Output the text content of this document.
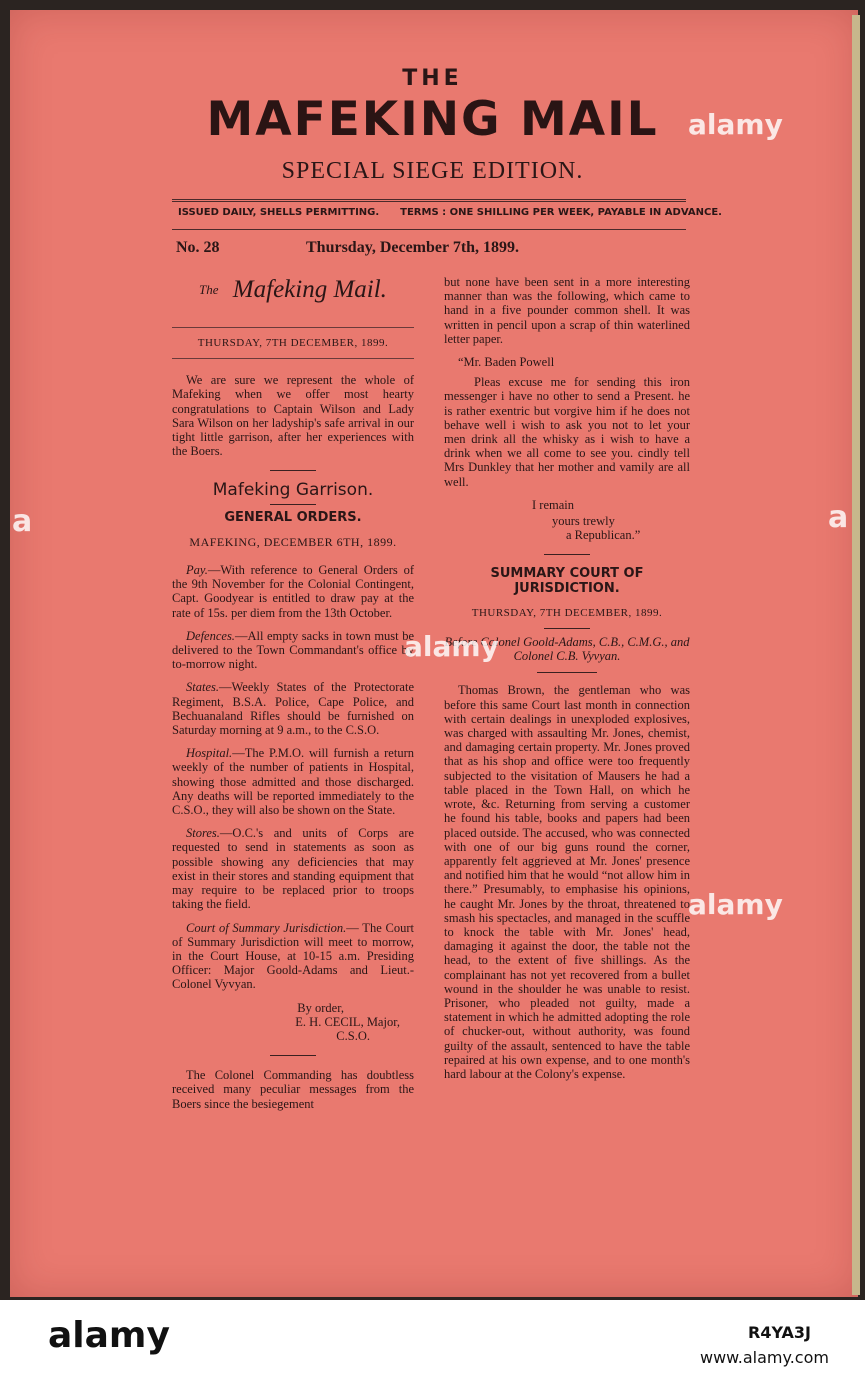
THE
MAFEKING MAIL
SPECIAL SIEGE EDITION.
ISSUED DAILY, SHELLS PERMITTING. TERMS : ONE SHILLING PER WEEK, PAYABLE IN ADVANCE.
No. 28	Thursday, December 7th, 1899.
$^{The}$ Mafeking Mail.
THURSDAY, 7TH DECEMBER, 1899.

We are sure we represent the whole of Mafeking when we offer most hearty congratulations to Captain Wilson and Lady Sara Wilson on her ladyship's safe arrival in our tight little garrison, after her experiences with the Boers.

Mafeking Garrison.
GENERAL ORDERS.
MAFEKING, DECEMBER 6TH, 1899.

Pay.—With reference to General Orders of the 9th November for the Colonial Contingent, Capt. Goodyear is entitled to draw pay at the rate of 15s. per diem from the 13th October.

Defences.—All empty sacks in town must be delivered to the Town Commandant's office by to-morrow night.

States.—Weekly States of the Protectorate Regiment, B.S.A. Police, Cape Police, and Bechuanaland Rifles should be furnished on Saturday morning at 9 a.m., to the C.S.O.

Hospital.—The P.M.O. will furnish a return weekly of the number of patients in Hospital, showing those admitted and those discharged. Any deaths will be reported immediately to the C.S.O., they will also be shown on the State.

Stores.—O.C.'s and units of Corps are requested to send in statements as soon as possible showing any deficiencies that may exist in their stores and standing equipment that may require to be replaced prior to troops taking the field.

Court of Summary Jurisdiction.— The Court of Summary Jurisdiction will meet to morrow, in the Court House, at 10-15 a.m. Presiding Officer: Major Goold-Adams and Lieut.-Colonel Vyvyan.

By order,

E. H. CECIL, Major,

C.S.O.

The Colonel Commanding has doubtless received many peculiar messages from the Boers since the besiegement

but none have been sent in a more interesting manner than was the following, which came to hand in a five pounder common shell. It was written in pencil upon a scrap of thin waterlined letter paper.

“Mr. Baden Powell

Pleas excuse me for sending this iron messenger i have no other to send a Present. he is rather exentric but vorgive him if he does not behave well i wish to ask you not to let your men drink all the whisky as i wish to have a drink when we all come to see you. cindly tell Mrs Dunkley that her mother and vamily are all well.

I remain

yours trewly

a Republican.”

SUMMARY COURT OF JURISDICTION.
THURSDAY, 7TH DECEMBER, 1899.

Before Colonel Goold-Adams, C.B., C.M.G., and Colonel C.B. Vyvyan.

Thomas Brown, the gentleman who was before this same Court last month in connection with certain dealings in unexploded explosives, was charged with assaulting Mr. Jones, chemist, and damaging certain property. Mr. Jones proved that as his shop and office were too frequently subjected to the visitation of Mausers he had a table placed in the Town Hall, on which he wrote, &c. Returning from serving a customer he found his table, books and papers had been placed outside. The accused, who was connected with one of our big guns round the corner, apparently felt aggrieved at Mr. Jones' presence and notified him that he would “not allow him in there.” Presumably, to emphasise his opinions, he caught Mr. Jones by the throat, threatened to smash his spectacles, and managed in the scuffle to knock the table with Mr. Jones' head, damaging it against the door, the table not the head, to the extent of five shillings. As the complainant has not yet recovered from a bullet wound in the shoulder he was unable to resist. Prisoner, who pleaded not guilty, made a statement in which he admitted adopting the role of chucker-out, without authority, was found guilty of the assault, sentenced to have the table repaired at his own expense, and to one month's hard labour at the Colony's expense.

alamy
alamy
alamy
a	a
alamy	R4YA3J
www.alamy.com
